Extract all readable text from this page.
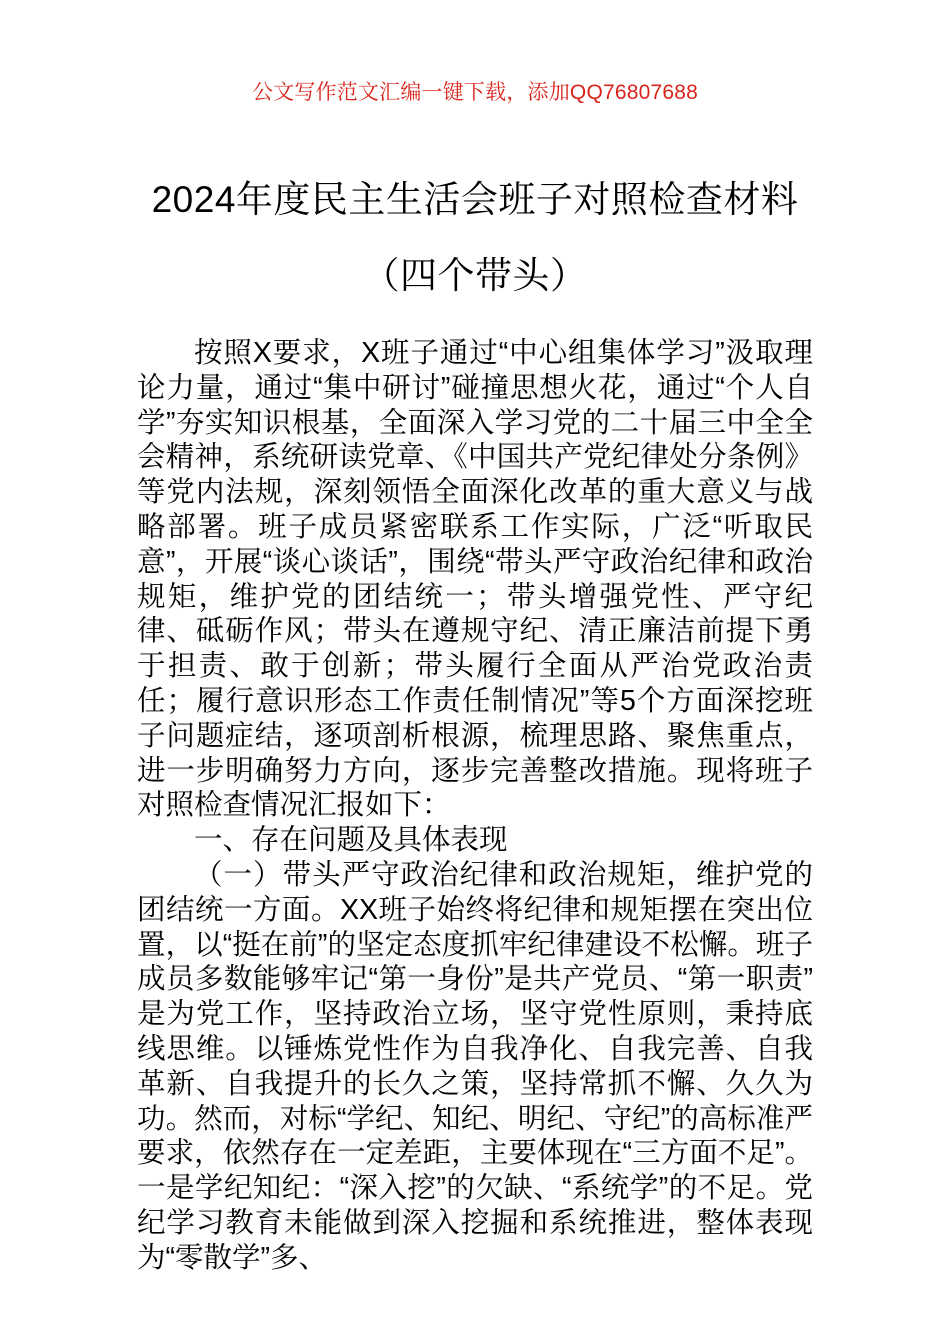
公文写作范文汇编一键下载，添加QQ76807688
2024年度民主生活会班子对照检查材料
（四个带头）

按照X要求，X班子通过“中心组集体学习”汲取理论力量，通过“集中研讨”碰撞思想火花，通过“个人自学”夯实知识根基，全面深入学习党的二十届三中全全会精神，系统研读党章、《中国共产党纪律处分条例》等党内法规，深刻领悟全面深化改革的重大意义与战略部署。班子成员紧密联系工作实际，广泛“听取民意”，开展“谈心谈话”，围绕“带头严守政治纪律和政治规矩，维护党的团结统一；带头增强党性、严守纪律、砥砺作风；带头在遵规守纪、清正廉洁前提下勇于担责、敢于创新；带头履行全面从严治党政治责任；履行意识形态工作责任制情况”等5个方面深挖班子问题症结，逐项剖析根源，梳理思路、聚焦重点，进一步明确努力方向，逐步完善整改措施。现将班子对照检查情况汇报如下：

一、存在问题及具体表现

（一）带头严守政治纪律和政治规矩，维护党的团结统一方面。XX班子始终将纪律和规矩摆在突出位置，以“挺在前”的坚定态度抓牢纪律建设不松懈。班子成员多数能够牢记“第一身份”是共产党员、“第一职责”是为党工作，坚持政治立场，坚守党性原则，秉持底线思维。以锤炼党性作为自我净化、自我完善、自我革新、自我提升的长久之策，坚持常抓不懈、久久为功。然而，对标“学纪、知纪、明纪、守纪”的高标准严要求，依然存在一定差距，主要体现在“三方面不足”。一是学纪知纪：“深入挖”的欠缺、“系统学”的不足。党纪学习教育未能做到深入挖掘和系统推进，整体表现为“零散学”多、
